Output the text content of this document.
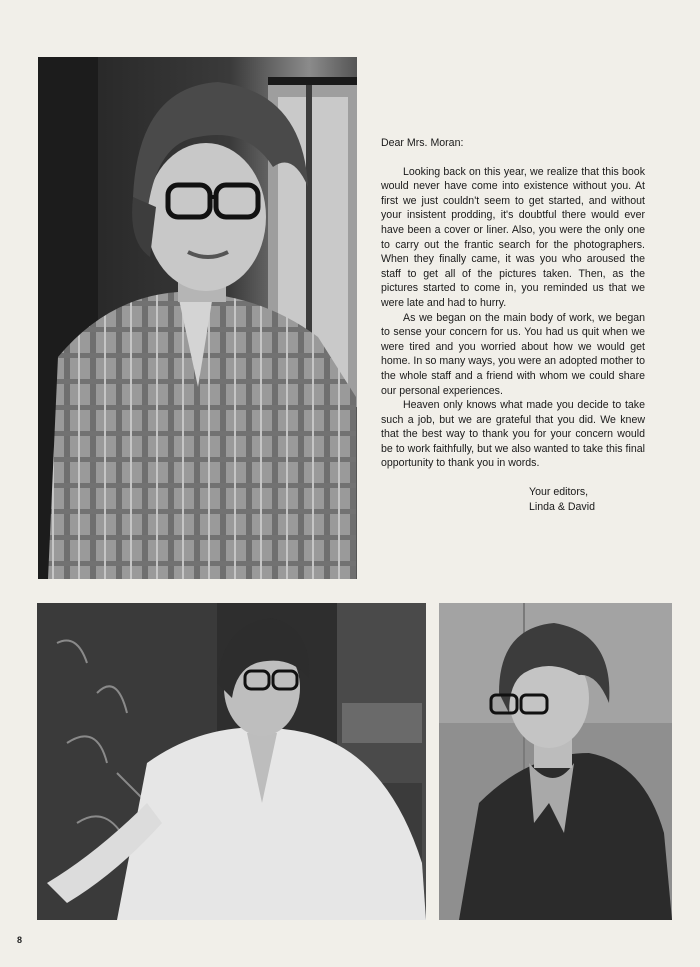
Dear Mrs. Moran:

Looking back on this year, we realize that this book would never have come into existence without you. At first we just couldn't seem to get started, and without your insistent prodding, it's doubtful there would ever have been a cover or liner. Also, you were the only one to carry out the frantic search for the photographers. When they finally came, it was you who aroused the staff to get all of the pictures taken. Then, as the pictures started to come in, you reminded us that we were late and had to hurry.

As we began on the main body of work, we began to sense your concern for us. You had us quit when we were tired and you worried about how we would get home. In so many ways, you were an adopted mother to the whole staff and a friend with whom we could share our personal experiences.

Heaven only knows what made you decide to take such a job, but we are grateful that you did. We knew that the best way to thank you for your concern would be to work faithfully, but we also wanted to take this final opportunity to thank you in words.

Your editors,
Linda & David
8
